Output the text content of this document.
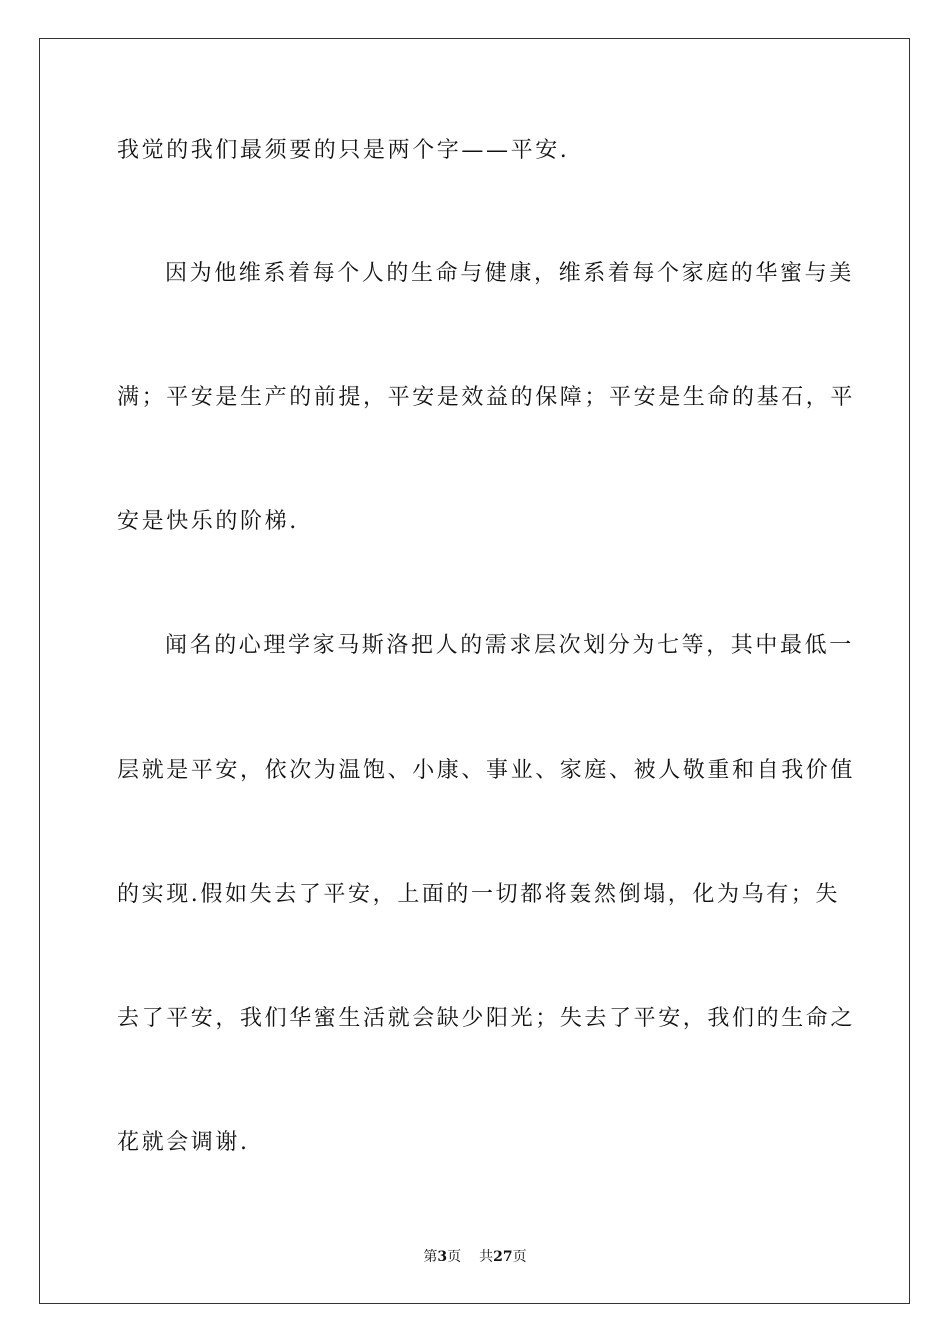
我觉的我们最须要的只是两个字——平安.
因为他维系着每个人的生命与健康，维系着每个家庭的华蜜与美
满；平安是生产的前提，平安是效益的保障；平安是生命的基石，平
安是快乐的阶梯.
闻名的心理学家马斯洛把人的需求层次划分为七等，其中最低一
层就是平安，依次为温饱、小康、事业、家庭、被人敬重和自我价值
的实现.假如失去了平安，上面的一切都将轰然倒塌，化为乌有；失
去了平安，我们华蜜生活就会缺少阳光；失去了平安，我们的生命之
花就会调谢.
第3页 共27页
